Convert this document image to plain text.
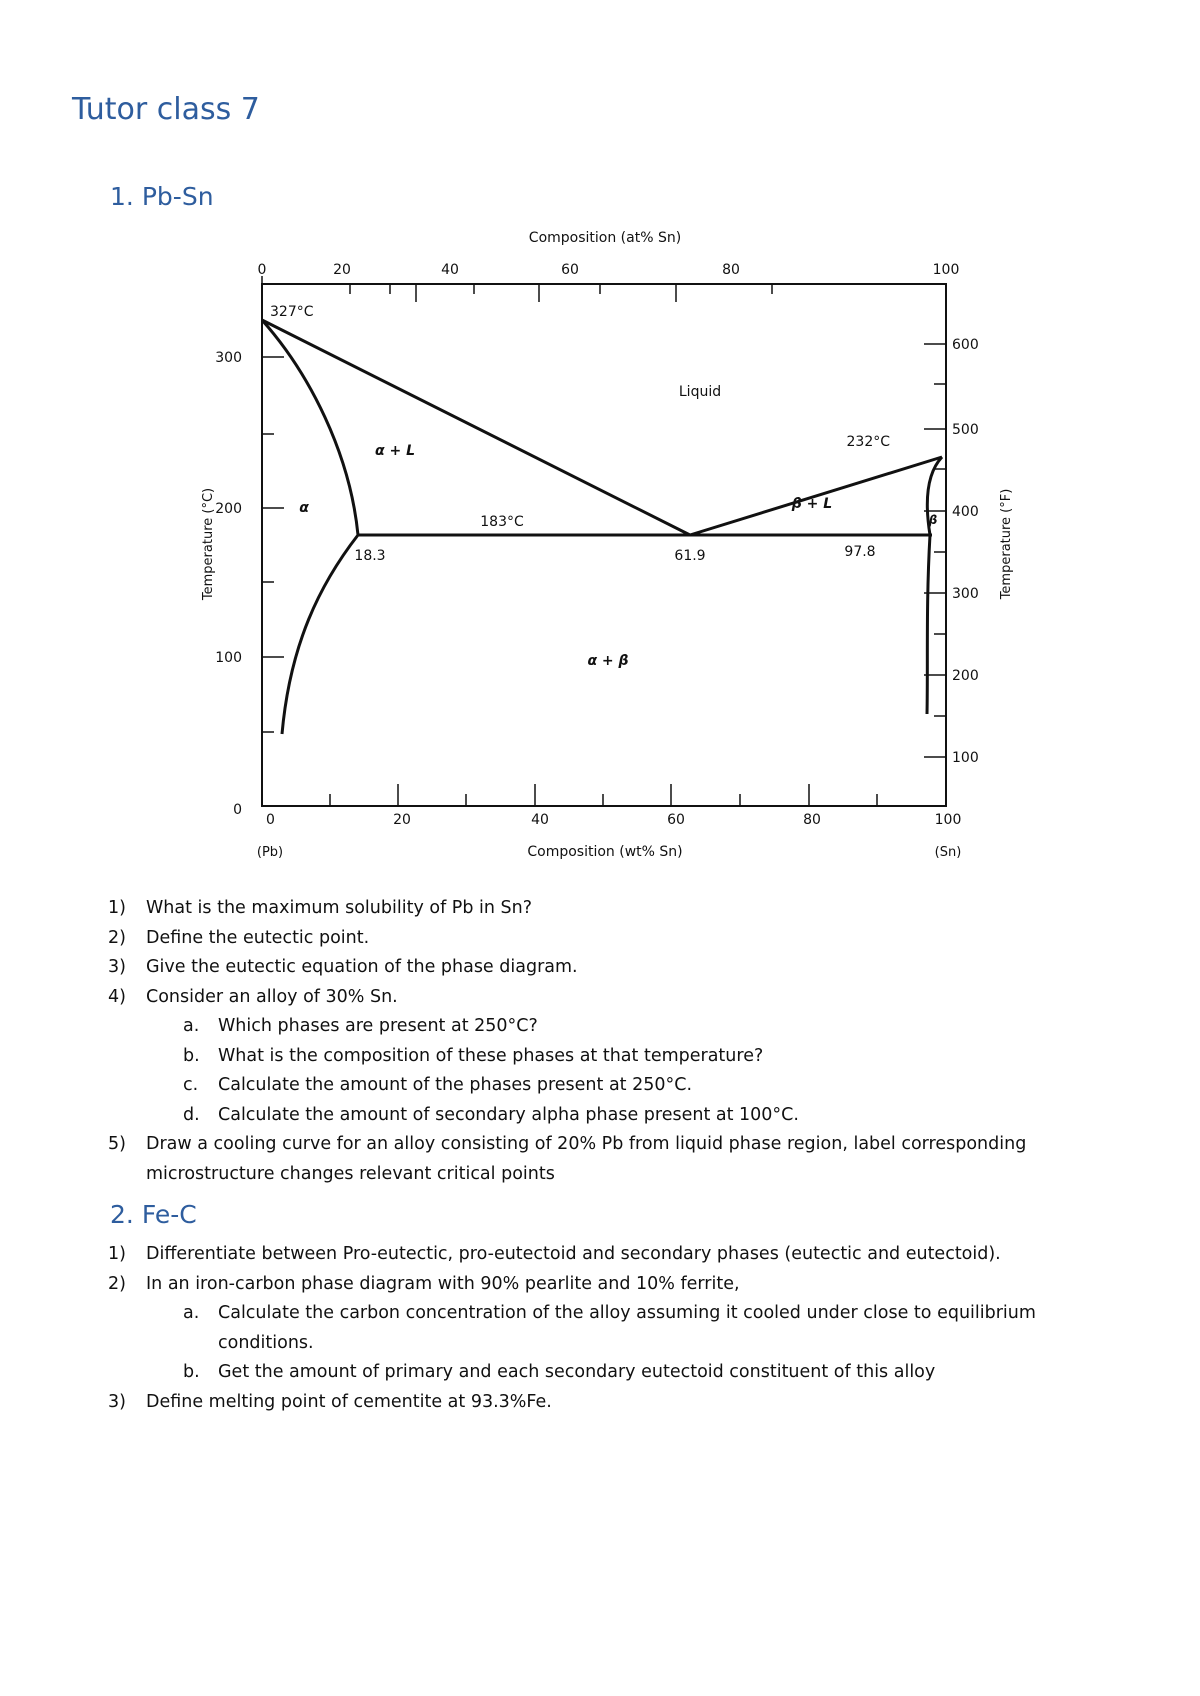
Tutor class 7
1. Pb-Sn
Composition (at% Sn)
0	20	40	60	80	100
Temperature (°C)
300
200
100
0
Temperature (°F)
600
500
400
300
200
100
0	20	40	60	80	100
(Pb)	(Sn)
Composition (wt% Sn)
327°C
232°C
183°C
18.3	61.9	97.8
Liquid
α + L
β + L
α
β
α + β
1) What is the maximum solubility of Pb in Sn?
2) Define the eutectic point.
3) Give the eutectic equation of the phase diagram.
4) Consider an alloy of 30% Sn.
a. Which phases are present at 250°C?
b. What is the composition of these phases at that temperature?
c. Calculate the amount of the phases present at 250°C.
d. Calculate the amount of secondary alpha phase present at 100°C.
5) Draw a cooling curve for an alloy consisting of 20% Pb from liquid phase region, label corresponding microstructure changes relevant critical points
2. Fe-C
1) Differentiate between Pro-eutectic, pro-eutectoid and secondary phases (eutectic and eutectoid).
2) In an iron-carbon phase diagram with 90% pearlite and 10% ferrite,
a. Calculate the carbon concentration of the alloy assuming it cooled under close to equilibrium conditions.
b. Get the amount of primary and each secondary eutectoid constituent of this alloy
3) Define melting point of cementite at 93.3%Fe.
